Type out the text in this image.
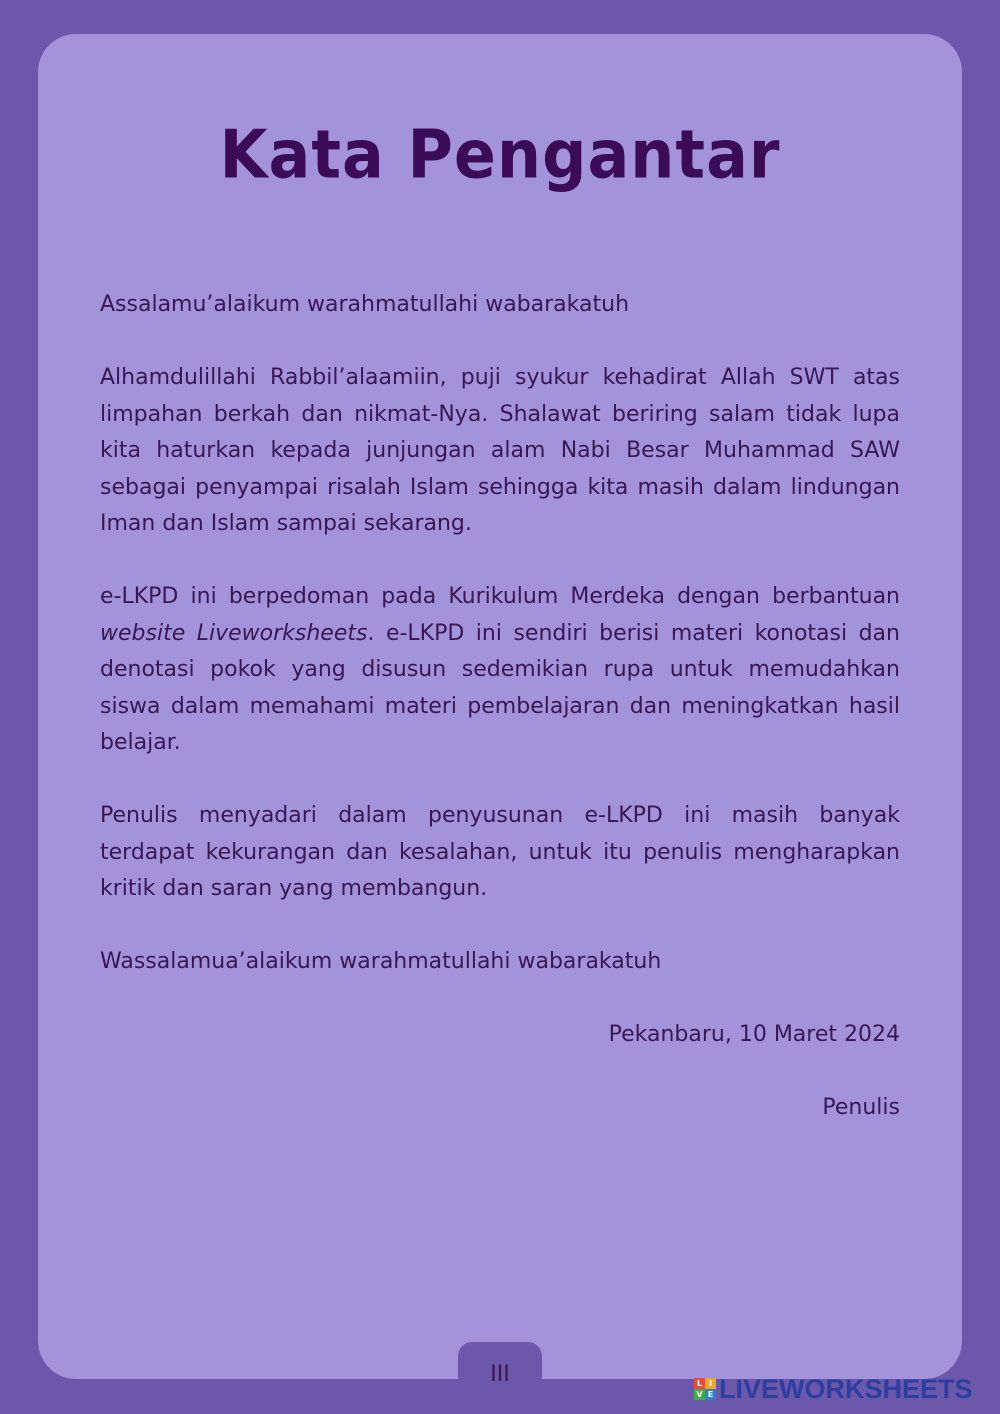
Kata Pengantar

Assalamu’alaikum warahmatullahi wabarakatuh

Alhamdulillahi Rabbil’alaamiin, puji syukur kehadirat Allah SWT atas limpahan berkah dan nikmat-Nya. Shalawat beriring salam tidak lupa kita haturkan kepada junjungan alam Nabi Besar Muhammad SAW sebagai penyampai risalah Islam sehingga kita masih dalam lindungan Iman dan Islam sampai sekarang.

e-LKPD ini berpedoman pada Kurikulum Merdeka dengan berbantuan website Liveworksheets. e-LKPD ini sendiri berisi materi konotasi dan denotasi pokok yang disusun sedemikian rupa untuk memudahkan siswa dalam memahami materi pembelajaran dan meningkatkan hasil belajar.

Penulis menyadari dalam penyusunan e-LKPD ini masih banyak terdapat kekurangan dan kesalahan, untuk itu penulis mengharapkan kritik dan saran yang membangun.

Wassalamua’alaikum warahmatullahi wabarakatuh

Pekanbaru, 10 Maret 2024

Penulis

III	L I
V E LIVEWORKSHEETS
